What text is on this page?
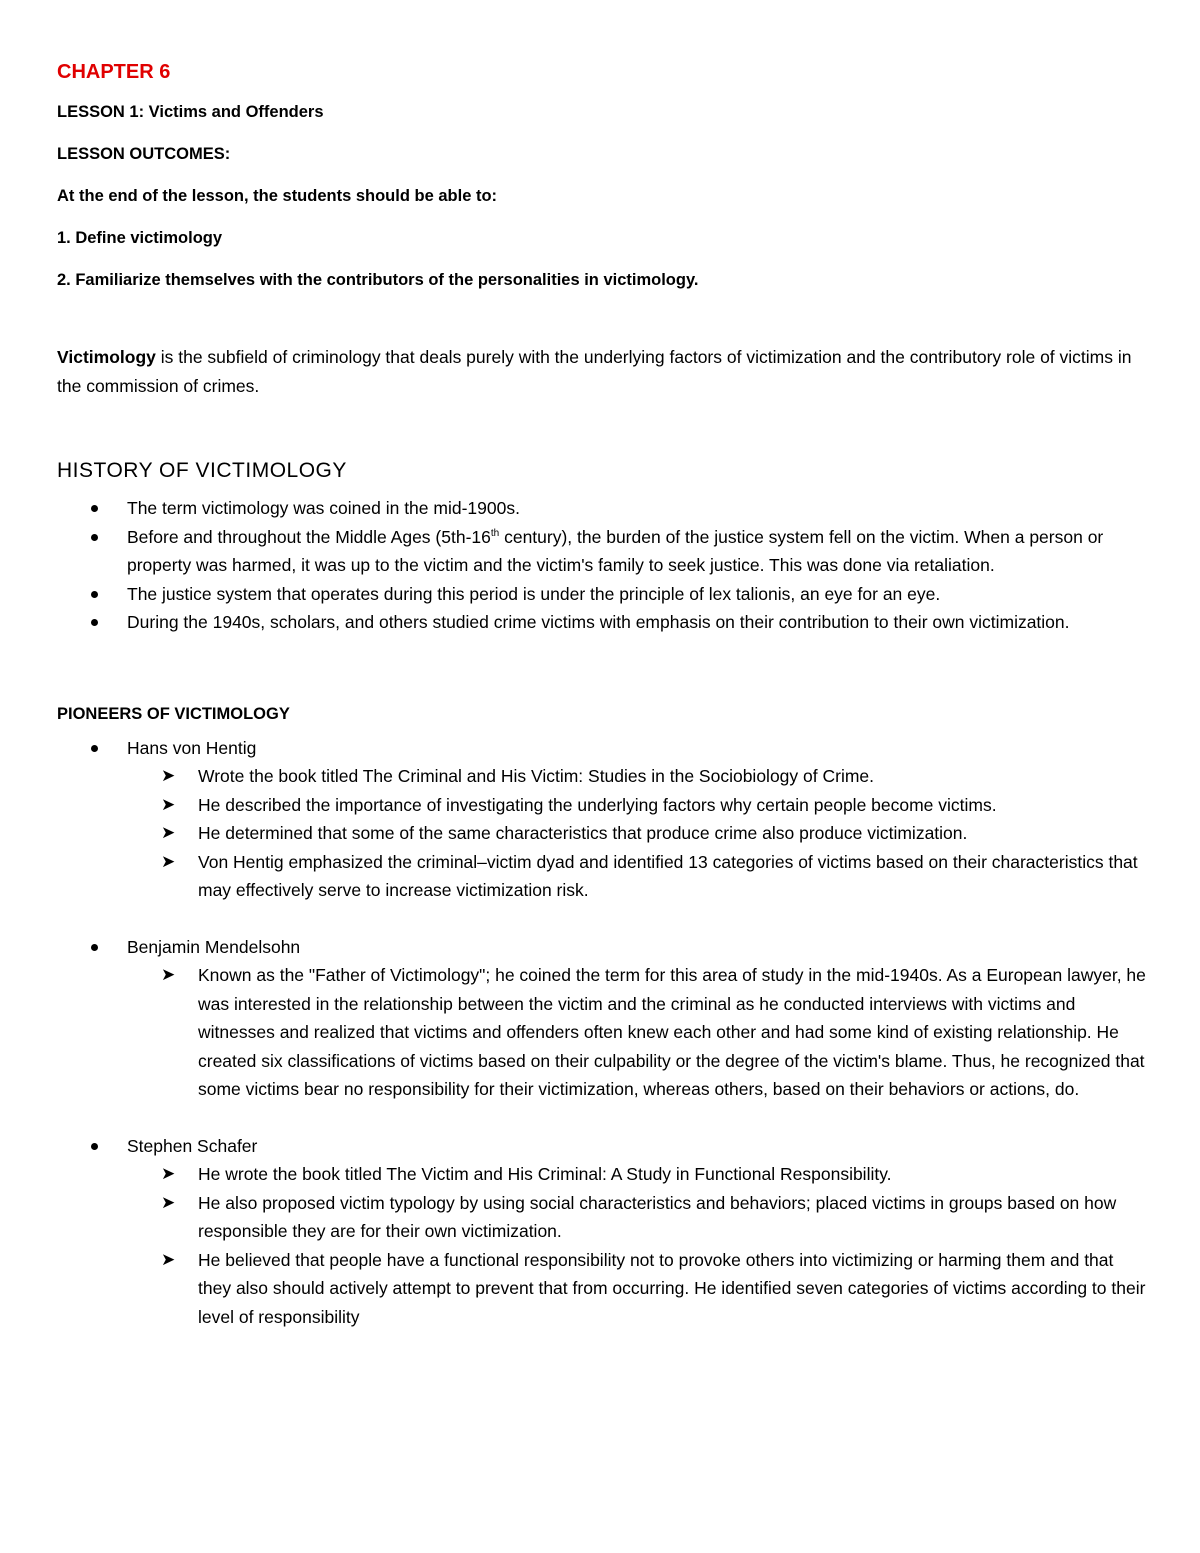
CHAPTER 6
LESSON 1: Victims and Offenders
LESSON OUTCOMES:
At the end of the lesson, the students should be able to:
1. Define victimology
2. Familiarize themselves with the contributors of the personalities in victimology.
Victimology is the subfield of criminology that deals purely with the underlying factors of victimization and the contributory role of victims in the commission of crimes.
HISTORY OF VICTIMOLOGY
The term victimology was coined in the mid-1900s.
Before and throughout the Middle Ages (5th-16th century), the burden of the justice system fell on the victim. When a person or property was harmed, it was up to the victim and the victim's family to seek justice. This was done via retaliation.
The justice system that operates during this period is under the principle of lex talionis, an eye for an eye.
During the 1940s, scholars, and others studied crime victims with emphasis on their contribution to their own victimization.
PIONEERS OF VICTIMOLOGY
Hans von Hentig
➤ Wrote the book titled The Criminal and His Victim: Studies in the Sociobiology of Crime.
➤ He described the importance of investigating the underlying factors why certain people become victims.
➤ He determined that some of the same characteristics that produce crime also produce victimization.
➤ Von Hentig emphasized the criminal–victim dyad and identified 13 categories of victims based on their characteristics that may effectively serve to increase victimization risk.
Benjamin Mendelsohn
➤ Known as the "Father of Victimology"; he coined the term for this area of study in the mid-1940s. As a European lawyer, he was interested in the relationship between the victim and the criminal as he conducted interviews with victims and witnesses and realized that victims and offenders often knew each other and had some kind of existing relationship. He created six classifications of victims based on their culpability or the degree of the victim's blame. Thus, he recognized that some victims bear no responsibility for their victimization, whereas others, based on their behaviors or actions, do.
Stephen Schafer
➤ He wrote the book titled The Victim and His Criminal: A Study in Functional Responsibility.
➤ He also proposed victim typology by using social characteristics and behaviors; placed victims in groups based on how responsible they are for their own victimization.
➤ He believed that people have a functional responsibility not to provoke others into victimizing or harming them and that they also should actively attempt to prevent that from occurring. He identified seven categories of victims according to their level of responsibility
